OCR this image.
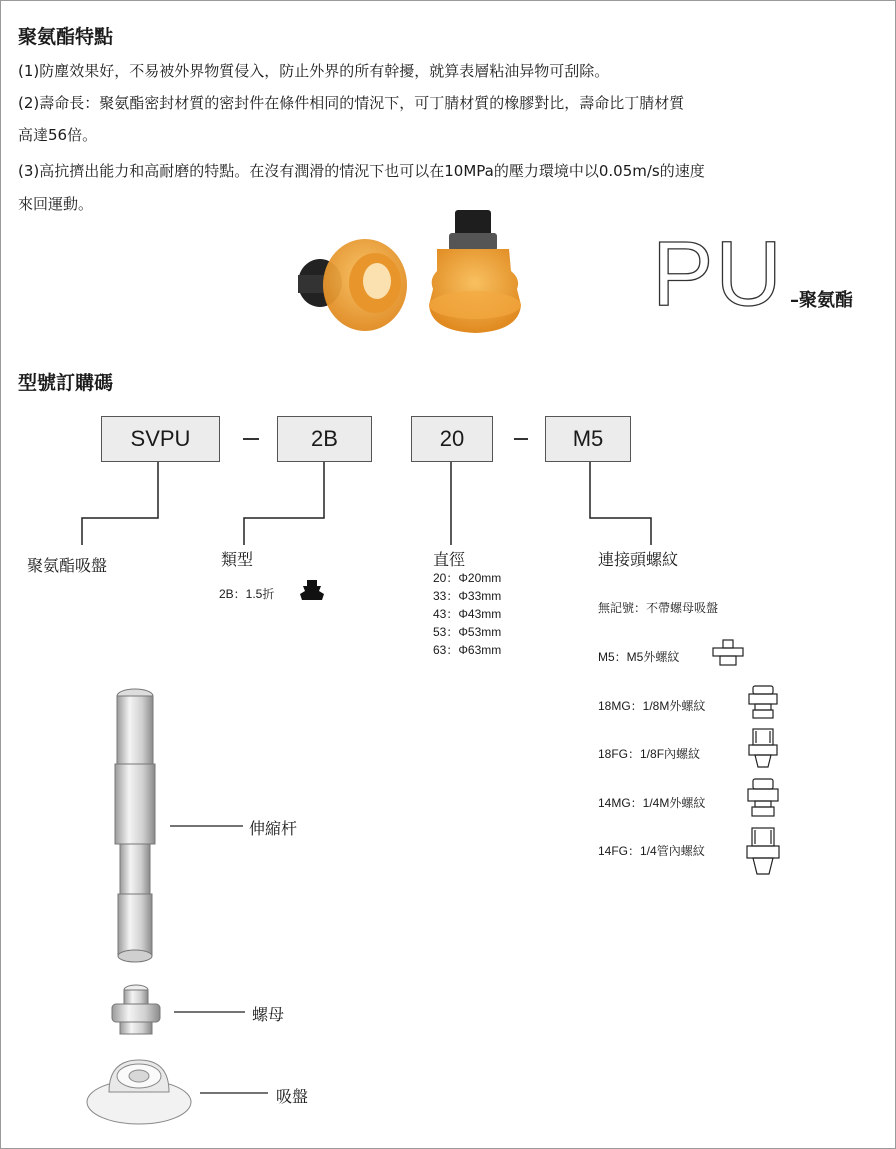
聚氨酯特點
(1)防塵效果好，不易被外界物質侵入，防止外界的所有幹擾，就算表層粘油异物可刮除。
(2)壽命長：聚氨酯密封材質的密封件在條件相同的情況下，可丁腈材質的橡膠對比，壽命比丁腈材質
高達56倍。
(3)高抗擠出能力和高耐磨的特點。在沒有潤滑的情況下也可以在10MPa的壓力環境中以0.05m/s的速度
來回運動。
PU –聚氨酯
型號訂購碼
SVPU	2B	20	M5
聚氨酯吸盤	類型	直徑	連接頭螺紋
2B：1.5折
20：Φ20mm
33：Φ33mm
43：Φ43mm
53：Φ53mm
63：Φ63mm
無記號：不帶螺母吸盤
M5：M5外螺紋
18MG：1/8M外螺紋
18FG：1/8F內螺紋
14MG：1/4M外螺紋
14FG：1/4管內螺紋
伸縮杆
螺母
吸盤
